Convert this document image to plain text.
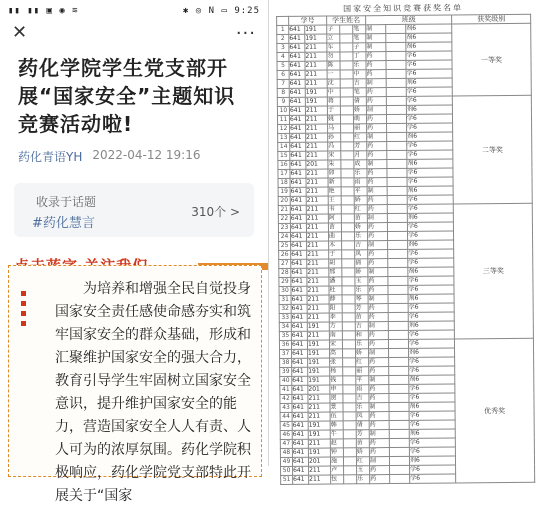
▮▮ ▮▮ ▣ ◉ ≋	✱ ◎ N ▭ 9:25
✕	···
药化学院学生党支部开展“国家安全”主题知识竞赛活动啦!
药化青语YH 2022-04-12 19:16
收录于话题
#药化慧言
310个 >

为培养和增强全民自觉投身国家安全责任感使命感夯实和筑牢国家安全的群众基础，形成和汇聚维护国家安全的强大合力，教育引导学生牢固树立国家安全意识，提升维护国家安全的能力，营造国家安全人人有责、人人可为的浓厚氛围。药化学院积极响应，药化学院党支部特此开展关于“国家

国家安全知识竞赛获奖名单
	学号		学生姓名			班级			获奖级别
1	641	191	子		笔	制		剂6	一等奖
2	641	191	立		笔	制		剂6	
3	641	211	车		子	制		剂6	
4	641	211	勿		丁	药		学6	
5	641	211	陈		乐	药		学6	
6	641	211	一		中	药		学6	
7	641	211	沈		吉	制		剂6	
8	641	191	中		笔	药		学6	
9	641	191	蒋		倩	药		学6	二等奖
10	641	211	于		娇	制		剂6	
11	641	211	姚		萌	药		学6	
12	641	211	马		丽	药		学6	
13	641	211	孙		红	制		剂6	
14	641	211	冯		芳	药		学6	
15	641	211	宋		月	药		学6	
16	641	201	朱		成	制		剂6	
17	641	211	卯		乐	药		学6	
18	641	211	新		雨	药		学6	
19	641	211	艳		平	制		剂6	
20	641	211	王		娇	药		学6	
21	641	211	韦		红	药		学6	三等奖
22	641	211	阿		苗	制		剂6	
23	641	211	苗		娇	药		学6	
24	641	211	曲		乐	药		学6	
25	641	211	木		吉	制		剂6	
26	641	211	于		凤	药		学6	
27	641	211	胡		倩	药		学6	
28	641	211	邢		娇	制		剂6	
29	641	211	潘		玉	药		学6	
30	641	211	杜		乐	药		学6	
31	641	211	薛		琴	制		剂6	
32	641	211	阳		芳	药		学6	
33	641	211	李		苗	药		学6	
34	641	191	方		吉	制		剂6	
35	641	211	南		和	药		学6	
36	641	191	宋		乐	药		学6	优秀奖
37	641	191	高		娇	制		剂6	
38	641	191	张		红	药		学6	
39	641	191	杨		丽	药		学6	
40	641	191	钱		平	制		剂6	
41	641	201	申		雨	药		学6	
42	641	211	贺		吉	药		学6	
43	641	211	景		乐	制		剂6	
44	641	211	伍		凤	药		学6	
45	641	191	韩		倩	药		学6	
46	641	191	牛		芳	制		剂6	
47	641	211	赵		苗	药		学6	
48	641	191	钟		娇	药		学6	
49	641	201	施		红	制		剂6	
50	641	211	卢		玉	药		学6	
51	641	211	包		乐	药		学6	
